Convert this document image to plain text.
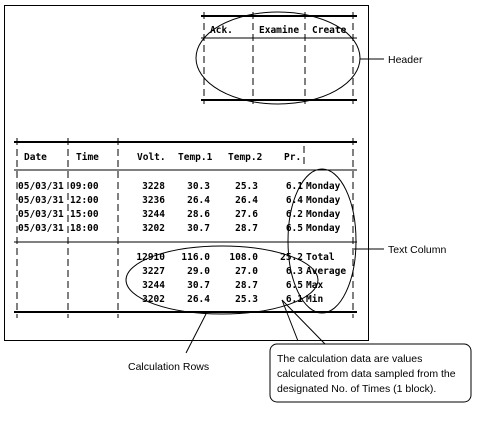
Ack.	Examine Create
Date	Time	Volt. Temp.1 Temp.2 Pr.
05/03/31 09:00	3228 30.3	25.3	6.1 Monday
05/03/31 12:00	3236 26.4	26.4	6.4 Monday
05/03/31 15:00	3244 28.6	27.6	6.2 Monday
05/03/31 18:00	3202 30.7	28.7	6.5 Monday
12910 116.0 108.0 25.2 Total
3227 29.0	27.0	6.3 Average
3244 30.7	28.7	6.5 Max
3202 26.4	25.3	6.1 Min
Header
Text Column
Calculation Rows
The calculation data are values
calculated from data sampled from the
designated No. of Times (1 block).
